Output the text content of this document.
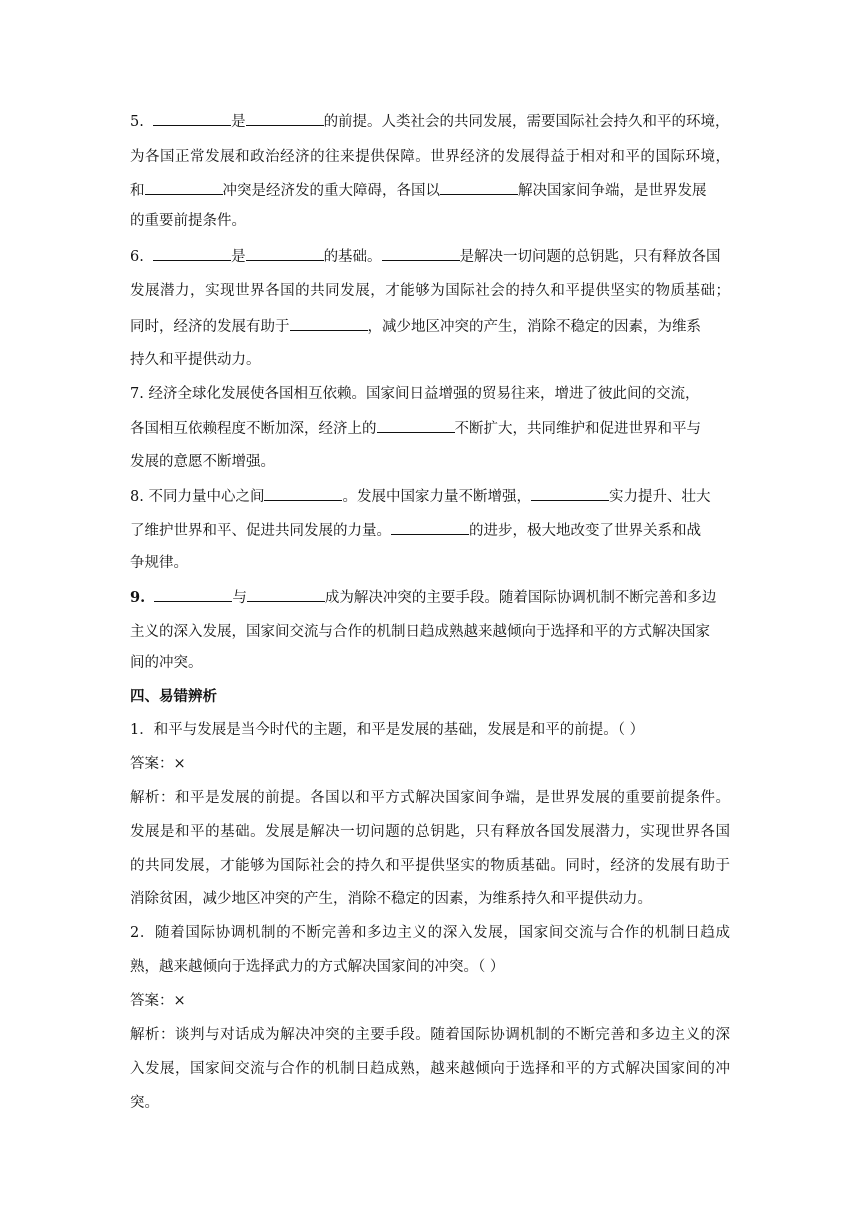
5.	是	的前提。人类社会的共同发展，需要国际社会持久和平的环境，
为各国正常发展和政治经济的往来提供保障。世界经济的发展得益于相对和平的国际环境，
和	冲突是经济发的重大障碍，各国以	解决国家间争端，是世界发展
的重要前提条件。
6.	是	的基础。	是解决一切问题的总钥匙，只有释放各国
发展潜力，实现世界各国的共同发展，才能够为国际社会的持久和平提供坚实的物质基础；
同时，经济的发展有助于	，减少地区冲突的产生，消除不稳定的因素，为维系
持久和平提供动力。
7. 经济全球化发展使各国相互依赖。国家间日益增强的贸易往来，增进了彼此间的交流，
各国相互依赖程度不断加深，经济上的	不断扩大，共同维护和促进世界和平与
发展的意愿不断增强。
8. 不同力量中心之间	。发展中国家力量不断增强，	实力提升、壮大
了维护世界和平、促进共同发展的力量。	的进步，极大地改变了世界关系和战
争规律。
9.	与	成为解决冲突的主要手段。随着国际协调机制不断完善和多边
主义的深入发展，国家间交流与合作的机制日趋成熟越来越倾向于选择和平的方式解决国家
间的冲突。
四、易错辨析
1．和平与发展是当今时代的主题，和平是发展的基础，发展是和平的前提。（ ）
答案：×
解析：和平是发展的前提。各国以和平方式解决国家间争端，是世界发展的重要前提条件。
发展是和平的基础。发展是解决一切问题的总钥匙，只有释放各国发展潜力，实现世界各国
的共同发展，才能够为国际社会的持久和平提供坚实的物质基础。同时，经济的发展有助于
消除贫困，减少地区冲突的产生，消除不稳定的因素，为维系持久和平提供动力。
2．随着国际协调机制的不断完善和多边主义的深入发展，国家间交流与合作的机制日趋成
熟，越来越倾向于选择武力的方式解决国家间的冲突。（ ）
答案：×
解析：谈判与对话成为解决冲突的主要手段。随着国际协调机制的不断完善和多边主义的深
入发展，国家间交流与合作的机制日趋成熟，越来越倾向于选择和平的方式解决国家间的冲
突。
